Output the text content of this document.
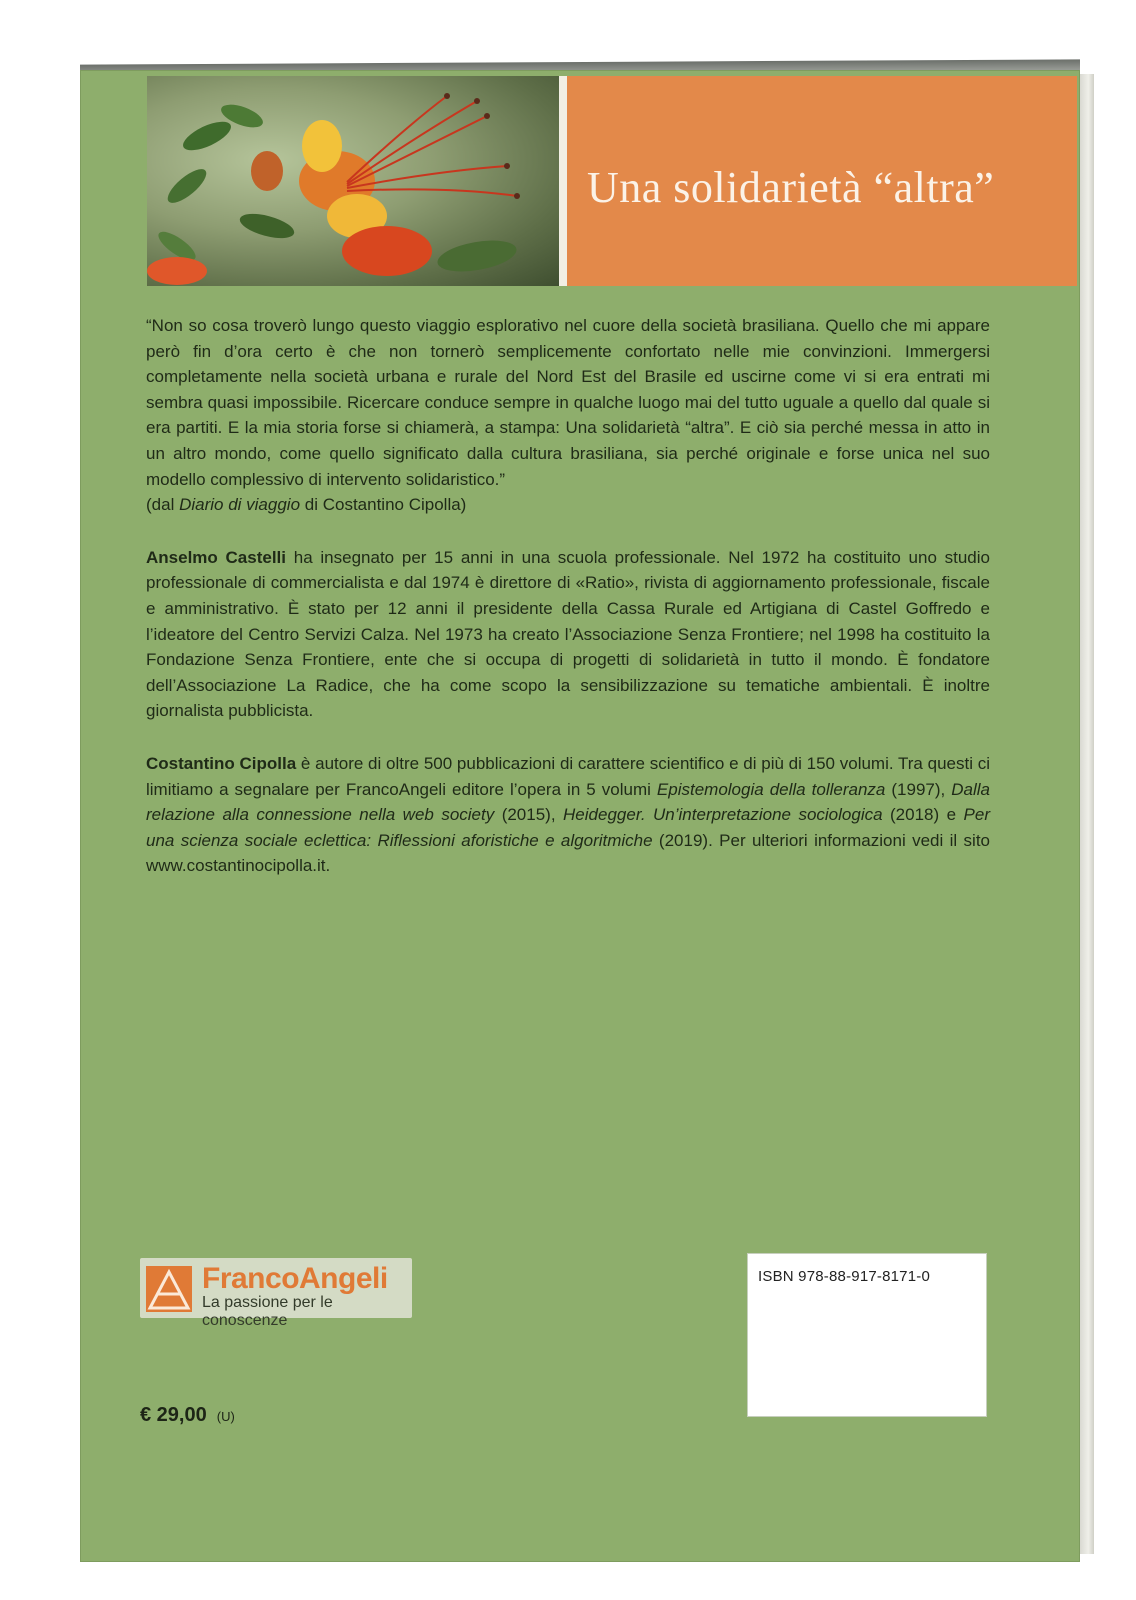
Una solidarietà “altra”

“Non so cosa troverò lungo questo viaggio esplorativo nel cuore della società brasiliana. Quello che mi appare però fin d’ora certo è che non tornerò semplicemente confortato nelle mie convinzioni. Immergersi completamente nella società urbana e rurale del Nord Est del Brasile ed uscirne come vi si era entrati mi sembra quasi impossibile. Ricercare conduce sempre in qualche luogo mai del tutto uguale a quello dal quale si era partiti. E la mia storia forse si chiamerà, a stampa: Una solidarietà “altra”. E ciò sia perché messa in atto in un altro mondo, come quello significato dalla cultura brasiliana, sia perché originale e forse unica nel suo modello complessivo di intervento solidaristico.”
(dal Diario di viaggio di Costantino Cipolla)

Anselmo Castelli ha insegnato per 15 anni in una scuola professionale. Nel 1972 ha costituito uno studio professionale di commercialista e dal 1974 è direttore di «Ratio», rivista di aggiornamento professionale, fiscale e amministrativo. È stato per 12 anni il presidente della Cassa Rurale ed Artigiana di Castel Goffredo e l’ideatore del Centro Servizi Calza. Nel 1973 ha creato l’Associazione Senza Frontiere; nel 1998 ha costituito la Fondazione Senza Frontiere, ente che si occupa di progetti di solidarietà in tutto il mondo. È fondatore dell’Associazione La Radice, che ha come scopo la sensibilizzazione su tematiche ambientali. È inoltre giornalista pubblicista.

Costantino Cipolla è autore di oltre 500 pubblicazioni di carattere scientifico e di più di 150 volumi. Tra questi ci limitiamo a segnalare per FrancoAngeli editore l’opera in 5 volumi Epistemologia della tolleranza (1997), Dalla relazione alla connessione nella web society (2015), Heidegger. Un’interpretazione sociologica (2018) e Per una scienza sociale eclettica: Riflessioni aforistiche e algoritmiche (2019). Per ulteriori informazioni vedi il sito www.costantinocipolla.it.

FrancoAngeli
La passione per le conoscenze
ISBN 978-88-917-8171-0
€ 29,00 (U)
